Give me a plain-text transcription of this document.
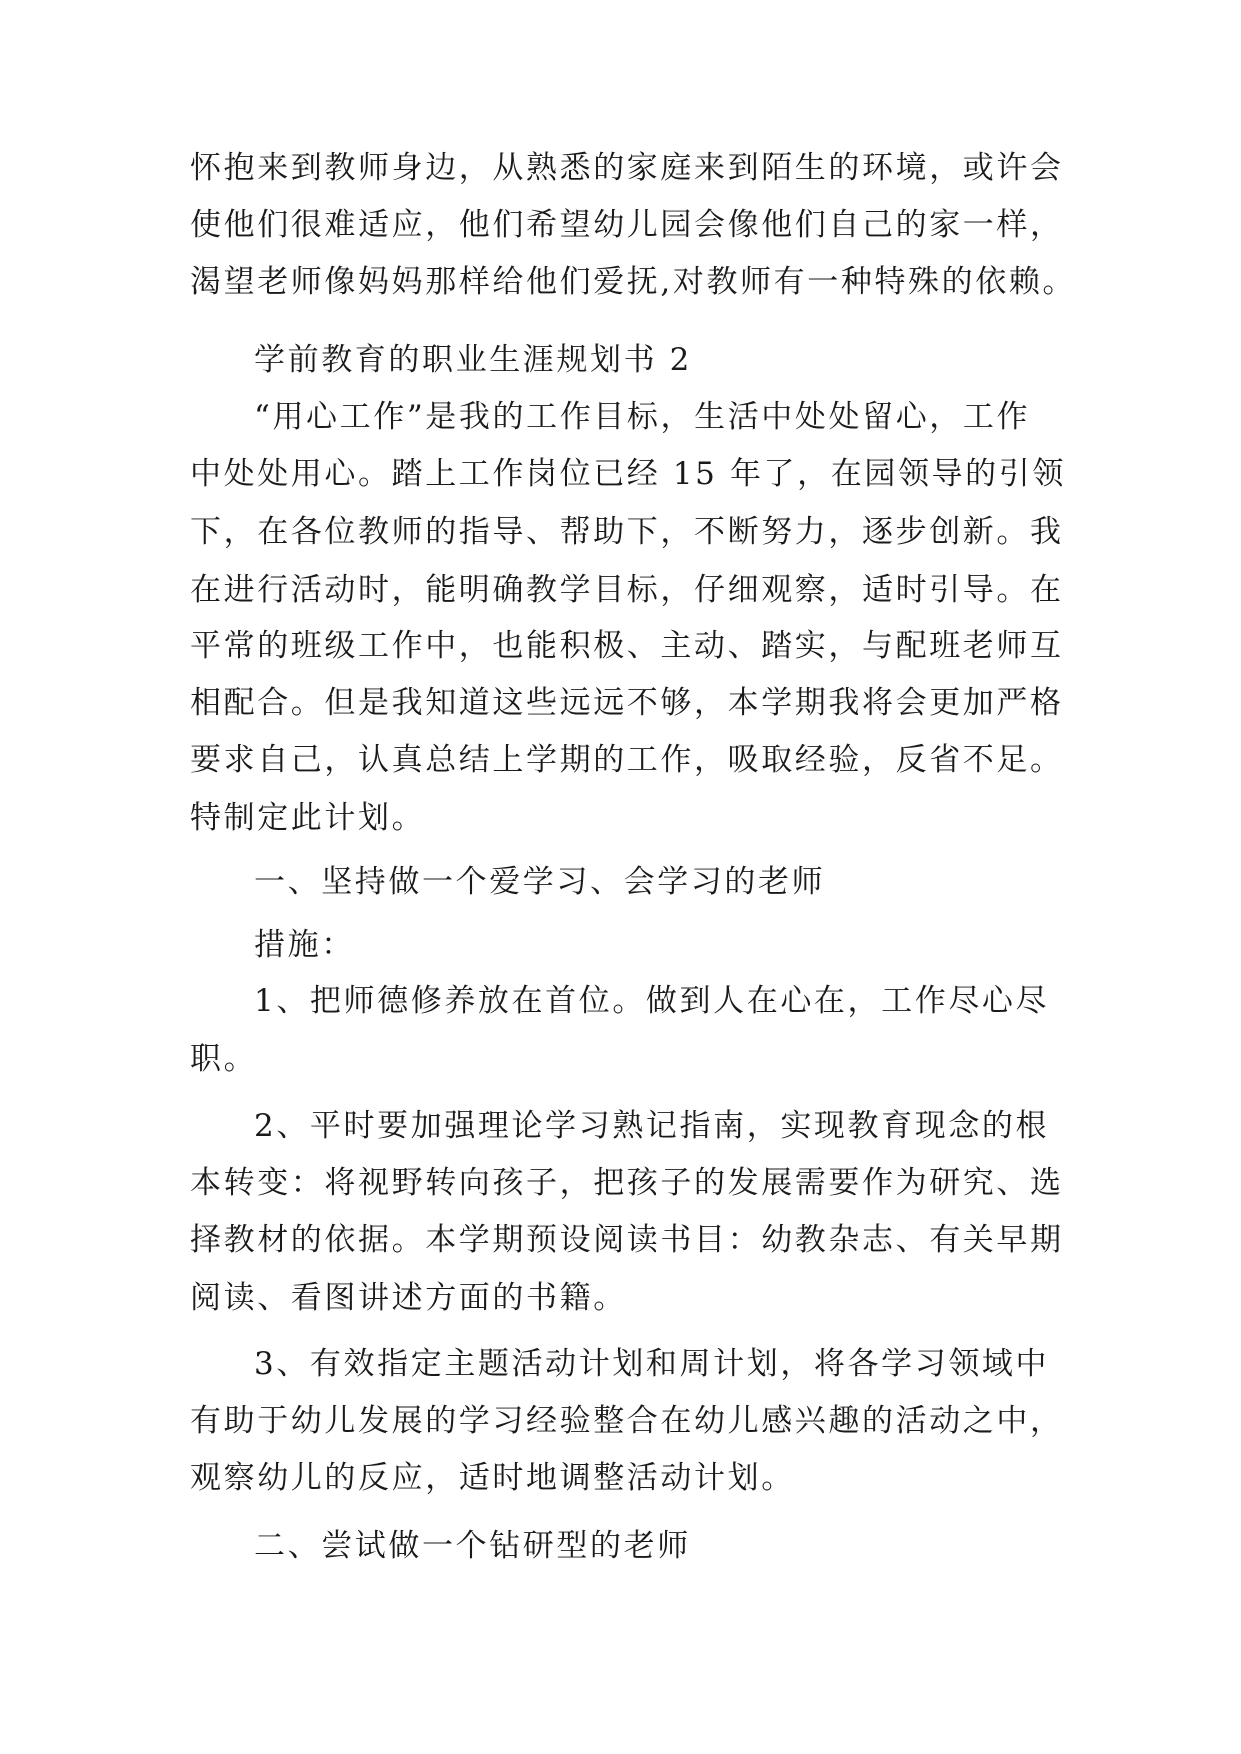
怀抱来到教师身边，从熟悉的家庭来到陌生的环境，或许会
使他们很难适应，他们希望幼儿园会像他们自己的家一样，
渴望老师像妈妈那样给他们爱抚,对教师有一种特殊的依赖。
学前教育的职业生涯规划书 2
“用心工作”是我的工作目标，生活中处处留心，工作
中处处用心。踏上工作岗位已经 15 年了，在园领导的引领
下，在各位教师的指导、帮助下，不断努力，逐步创新。我
在进行活动时，能明确教学目标，仔细观察，适时引导。在
平常的班级工作中，也能积极、主动、踏实，与配班老师互
相配合。但是我知道这些远远不够，本学期我将会更加严格
要求自己，认真总结上学期的工作，吸取经验，反省不足。
特制定此计划。
一、坚持做一个爱学习、会学习的老师
措施：
1、把师德修养放在首位。做到人在心在，工作尽心尽
职。
2、平时要加强理论学习熟记指南，实现教育现念的根
本转变：将视野转向孩子，把孩子的发展需要作为研究、选
择教材的依据。本学期预设阅读书目：幼教杂志、有关早期
阅读、看图讲述方面的书籍。
3、有效指定主题活动计划和周计划，将各学习领域中
有助于幼儿发展的学习经验整合在幼儿感兴趣的活动之中，
观察幼儿的反应，适时地调整活动计划。
二、尝试做一个钻研型的老师
